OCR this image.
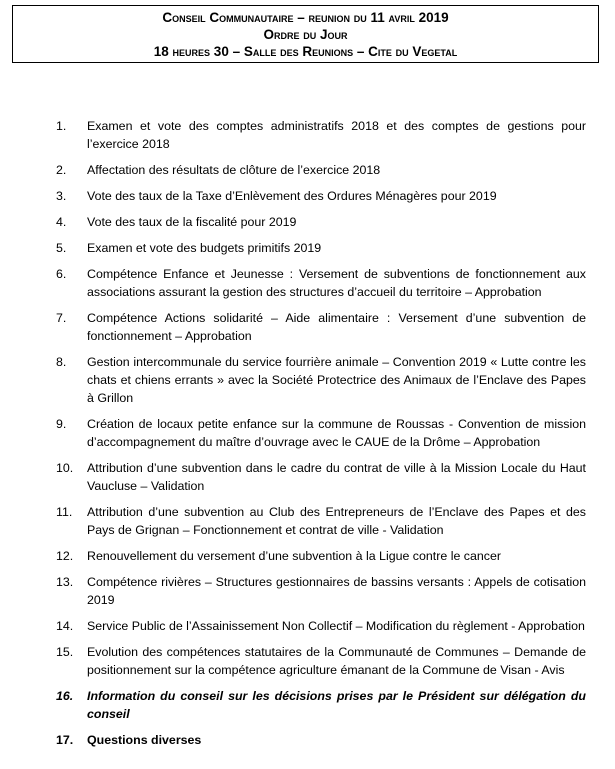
Conseil Communautaire – reunion du 11 avril 2019
Ordre du Jour
18 heures 30 – Salle des Reunions – Cite du Vegetal
1.	Examen et vote des comptes administratifs 2018 et des comptes de gestions pour l’exercice 2018
2.	Affectation des résultats de clôture de l’exercice 2018
3.	Vote des taux de la Taxe d’Enlèvement des Ordures Ménagères pour 2019
4.	Vote des taux de la fiscalité pour 2019
5.	Examen et vote des budgets primitifs 2019
6.	Compétence Enfance et Jeunesse : Versement de subventions de fonctionnement aux associations assurant la gestion des structures d’accueil du territoire – Approbation
7.	Compétence Actions solidarité – Aide alimentaire : Versement d’une subvention de fonctionnement – Approbation
8.	Gestion intercommunale du service fourrière animale – Convention 2019 « Lutte contre les chats et chiens errants » avec la Société Protectrice des Animaux de l’Enclave des Papes à Grillon
9.	Création de locaux petite enfance sur la commune de Roussas - Convention de mission d’accompagnement du maître d’ouvrage avec le CAUE de la Drôme – Approbation
10.	Attribution d’une subvention dans le cadre du contrat de ville à la Mission Locale du Haut Vaucluse – Validation
11.	Attribution d’une subvention au Club des Entrepreneurs de l’Enclave des Papes et des Pays de Grignan – Fonctionnement et contrat de ville - Validation
12.	Renouvellement du versement d’une subvention à la Ligue contre le cancer
13.	Compétence rivières – Structures gestionnaires de bassins versants : Appels de cotisation 2019
14.	Service Public de l’Assainissement Non Collectif – Modification du règlement - Approbation
15.	Evolution des compétences statutaires de la Communauté de Communes – Demande de positionnement sur la compétence agriculture émanant de la Commune de Visan - Avis
16.	Information du conseil sur les décisions prises par le Président sur délégation du conseil
17.	Questions diverses
